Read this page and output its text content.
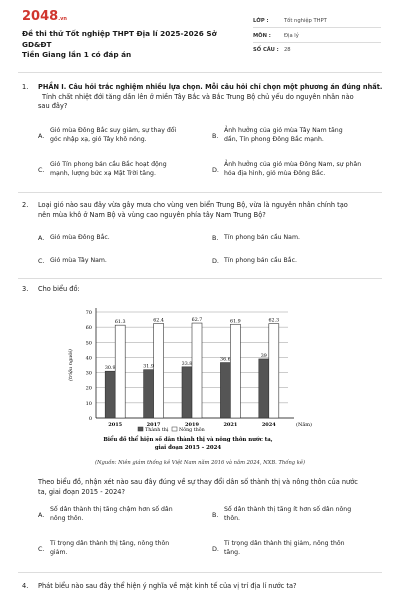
2048.vn
Đề thi thử Tốt nghiệp THPT Địa lí 2025-2026 Sở GD&ĐT
Tiền Giang lần 1 có đáp án
LỚP :	Tốt nghiệp THPT
MÔN :	Địa lý
SỐ CÂU : 28
1. PHẦN I. Câu hỏi trắc nghiệm nhiều lựa chọn. Mỗi câu hỏi chỉ chọn một phương án đúng nhất.
Tính chất nhiệt đới tăng dần lên ở miền Tây Bắc và Bắc Trung Bộ chủ yếu do nguyên nhân nào
sau đây?
A.
Gió mùa Đông Bắc suy giảm, sự thay đổi
góc nhập xạ, gió Tây khô nóng.	B.
Ảnh hưởng của gió mùa Tây Nam tăng
dần, Tín phong Đông Bắc mạnh.
C.
Gió Tín phong bán cầu Bắc hoạt động
mạnh, lượng bức xạ Mặt Trời tăng.	D.
Ảnh hưởng của gió mùa Đông Nam, sự phân
hóa địa hình, gió mùa Đông Bắc.
2. Loại gió nào sau đây vừa gây mưa cho vùng ven biển Trung Bộ, vừa là nguyên nhân chính tạo
nên mùa khô ở Nam Bộ và vùng cao nguyên phía tây Nam Trung Bộ?
A. Gió mùa Đông Bắc.	B. Tín phong bán cầu Nam.
C. Gió mùa Tây Nam.	D. Tín phong bán cầu Bắc.
3. Cho biểu đồ:
0
10
20
30
40
50
60
70
(triệu người)	30.9
61.3
2015
31.9
62.4
2017
33.8
62.7
2019
36.6
61.9
2021
39
62.3
2024	(Năm)
Thành thị Nông thôn
Biểu đồ thể hiện số dân thành thị và nông thôn nước ta,
giai đoạn 2015 – 2024
(Nguồn: Niên giám thống kê Việt Nam năm 2016 và năm 2024, NXB. Thống kê)
Theo biểu đồ, nhận xét nào sau đây đúng về sự thay đổi dân số thành thị và nông thôn của nước
ta, giai đoạn 2015 - 2024?
A.
Số dân thành thị tăng chậm hơn số dân
nông thôn.	B.
Số dân thành thị tăng ít hơn số dân nông
thôn.
C.
Tỉ trọng dân thành thị tăng, nông thôn
giảm.	D.
Tỉ trọng dân thành thị giảm, nông thôn
tăng.
4. Phát biểu nào sau đây thể hiện ý nghĩa về mặt kinh tế của vị trí địa lí nước ta?
